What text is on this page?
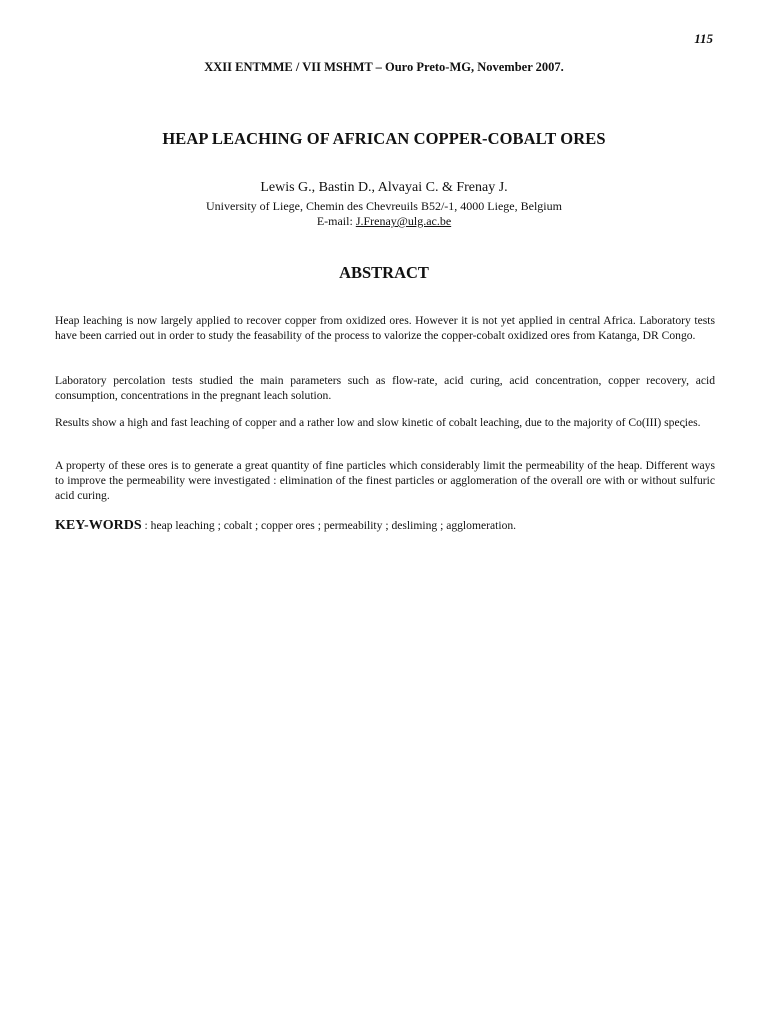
115
XXII ENTMME / VII MSHMT – Ouro Preto-MG, November 2007.
HEAP LEACHING OF AFRICAN COPPER-COBALT ORES
Lewis G., Bastin D., Alvayai C. & Frenay J.
University of Liege, Chemin des Chevreuils B52/-1, 4000 Liege, Belgium
E-mail: J.Frenay@ulg.ac.be
ABSTRACT

Heap leaching is now largely applied to recover copper from oxidized ores. However it is not yet applied in central Africa. Laboratory tests have been carried out in order to study the feasability of the process to valorize the copper-cobalt oxidized ores from Katanga, DR Congo.

Laboratory percolation tests studied the main parameters such as flow-rate, acid curing, acid concentration, copper recovery, acid consumption, concentrations in the pregnant leach solution.

Results show a high and fast leaching of copper and a rather low and slow kinetic of cobalt leaching, due to the majority of Co(III) species.

A property of these ores is to generate a great quantity of fine particles which considerably limit the permeability of the heap. Different ways to improve the permeability were investigated : elimination of the finest particles or agglomeration of the overall ore with or without sulfuric acid curing.

KEY-WORDS : heap leaching ; cobalt ; copper ores ; permeability ; desliming ; agglomeration.
